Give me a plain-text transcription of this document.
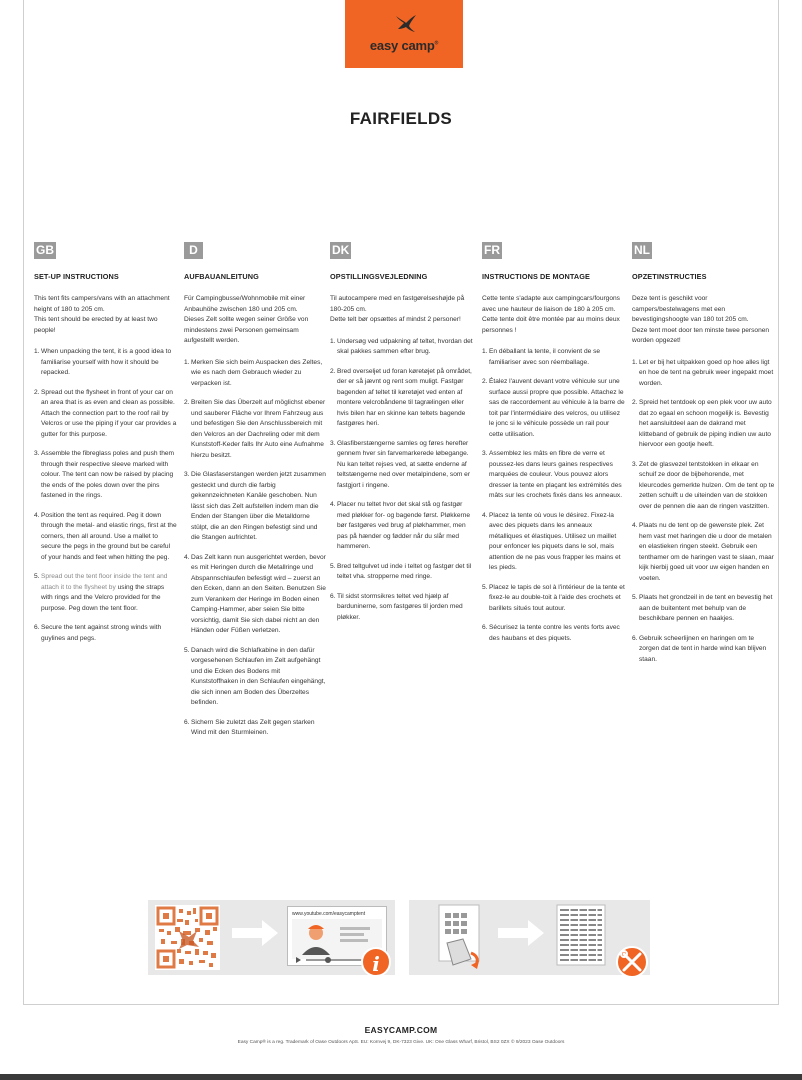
easy camp®
FAIRFIELDS
GB
SET-UP INSTRUCTIONS
This tent fits campers/vans with an attachment height of 180 to 205 cm.
This tent should be erected by at least two people!
1. When unpacking the tent, it is a good idea to familiarise yourself with how it should be repacked.
2. Spread out the flysheet in front of your car on an area that is as even and clean as possible. Attach the connection part to the roof rail by Velcros or use the piping if your car provides a gutter for this purpose.
3. Assemble the fibreglass poles and push them through their respective sleeve marked with colour. The tent can now be raised by placing the ends of the poles down over the pins fastened in the rings.
4. Position the tent as required. Peg it down through the metal- and elastic rings, first at the corners, then all around. Use a mallet to secure the pegs in the ground but be careful of your hands and feet when hitting the peg.
5. Spread out the tent floor inside the tent and attach it to the flysheet by using the straps with rings and the Velcro provided for the purpose. Peg down the tent floor.
6. Secure the tent against strong winds with guylines and pegs.
D
AUFBAUANLEITUNG
Für Campingbusse/Wohnmobile mit einer Anbauhöhe zwischen 180 und 205 cm.
Dieses Zelt sollte wegen seiner Größe von mindestens zwei Personen gemeinsam aufgestellt werden.
1. Merken Sie sich beim Auspacken des Zeltes, wie es nach dem Gebrauch wieder zu verpacken ist.
2. Breiten Sie das Überzelt auf möglichst ebener und sauberer Fläche vor Ihrem Fahrzeug aus und befestigen Sie den Anschlussbereich mit den Velcros an der Dachreling oder mit dem Kunststoff-Keder falls Ihr Auto eine Aufnahme hierzu besitzt.
3. Die Glasfaserstangen werden jetzt zusammen gesteckt und durch die farbig gekennzeichneten Kanäle geschoben. Nun lässt sich das Zelt aufstellen indem man die Enden der Stangen über die Metalldorne stülpt, die an den Ringen befestigt sind und die Stangen aufrichtet.
4. Das Zelt kann nun ausgerichtet werden, bevor es mit Heringen durch die Metallringe und Abspannschlaufen befestigt wird – zuerst an den Ecken, dann an den Seiten. Benutzen Sie zum Verankern der Heringe im Boden einen Camping-Hammer, aber seien Sie bitte vorsichtig, damit Sie sich dabei nicht an den Händen oder Füßen verletzen.
5. Danach wird die Schlafkabine in den dafür vorgesehenen Schlaufen im Zelt aufgehängt und die Ecken des Bodens mit Kunststoffhaken in den Schlaufen eingehängt, die sich innen am Boden des Überzeltes befinden.
6. Sichern Sie zuletzt das Zelt gegen starken Wind mit den Sturmleinen.
DK
OPSTILLINGSVEJLEDNING
Til autocampere med en fastgørelseshøjde på 180-205 cm.
Dette telt bør opsættes af mindst 2 personer!
1. Undersøg ved udpakning af teltet, hvordan det skal pakkes sammen efter brug.
2. Bred overseljet ud foran køretøjet på området, der er så jævnt og rent som muligt. Fastgør bagenden af teltet til køretøjet ved enten af montere velcrobåndene til tagrælingen eller hvis bilen har en skinne kan teltets bagende fastgøres heri.
3. Glasfiberstængerne samles og føres herefter gennem hver sin farvemarkerede løbegange. Nu kan teltet rejses ved, at sætte enderne af teltstængerne ned over metalpindene, som er fastgjort i ringene.
4. Placer nu teltet hvor det skal stå og fastgør med pløkker for- og bagende først. Pløkkerne bør fastgøres ved brug af pløkhammer, men pas på hænder og fødder når du slår med hammeren.
5. Bred teltgulvet ud inde i teltet og fastgør det til teltet vha. stropperne med ringe.
6. Til sidst stormsikres teltet ved hjælp af barduninerne, som fastgøres til jorden med pløkker.
FR
INSTRUCTIONS DE MONTAGE
Cette tente s'adapte aux campingcars/fourgons avec une hauteur de liaison de 180 à 205 cm.
Cette tente doit être montée par au moins deux personnes !
1. En déballant la tente, il convient de se familiariser avec son réemballage.
2. Étalez l'auvent devant votre véhicule sur une surface aussi propre que possible. Attachez le sas de raccordement au véhicule à la barre de toit par l'intermédiaire des velcros, ou utilisez le jonc si le véhicule possède un rail pour cette utilisation.
3. Assemblez les mâts en fibre de verre et poussez-les dans leurs gaines respectives marquées de couleur. Vous pouvez alors dresser la tente en plaçant les extrémités des mâts sur les crochets fixés dans les anneaux.
4. Placez la tente où vous le désirez. Fixez-la avec des piquets dans les anneaux métalliques et élastiques. Utilisez un maillet pour enfoncer les piquets dans le sol, mais attention de ne pas vous frapper les mains et les pieds.
5. Placez le tapis de sol à l'intérieur de la tente et fixez-le au double-toit à l'aide des crochets et barillets situés tout autour.
6. Sécurisez la tente contre les vents forts avec des haubans et des piquets.
NL
OPZETINSTRUCTIES
Deze tent is geschikt voor campers/bestelwagens met een bevestigingshoogte van 180 tot 205 cm.
Deze tent moet door ten minste twee personen worden opgezet!
1. Let er bij het uitpakken goed op hoe alles ligt en hoe de tent na gebruik weer ingepakt moet worden.
2. Spreid het tentdoek op een plek voor uw auto dat zo egaal en schoon mogelijk is. Bevestig het aansluitdeel aan de dakrand met klitteband of gebruik de piping indien uw auto hiervoor een gootje heeft.
3. Zet de glasvezel tentstokken in elkaar en schuif ze door de bijbehorende, met kleurcodes gemerkte hulzen. Om de tent op te zetten schuift u de uiteinden van de stokken over de pennen die aan de ringen vastzitten.
4. Plaats nu de tent op de gewenste plek. Zet hem vast met haringen die u door de metalen en elastieken ringen steekt. Gebruik een tenthamer om de haringen vast te slaan, maar kijk hierbij goed uit voor uw eigen handen en voeten.
5. Plaats het grondzeil in de tent en bevestig het aan de buitentent met behulp van de beschikbare pennen en haakjes.
6. Gebruik scheerlijnen en haringen om te zorgen dat de tent in harde wind kan blijven staan.
www.youtube.com/easycamptent
i
EASYCAMP.COM
Easy Camp® is a reg. Trademark of Oase Outdoors ApS. EU: Kornvej 9, DK-7323 Give. UK: One Glass Wharf, Bristol, BS2 0ZX © 9/2023 Oase Outdoors
